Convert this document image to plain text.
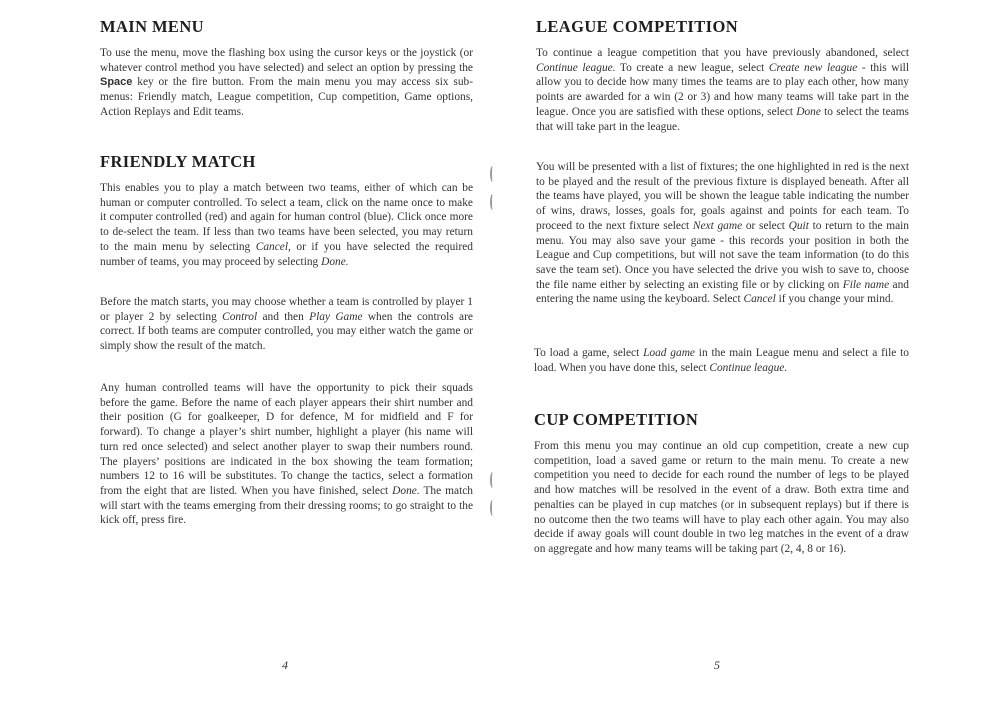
MAIN MENU

To use the menu, move the flashing box using the cursor keys or the joystick (or whatever control method you have selected) and select an option by pressing the Space key or the fire button. From the main menu you may access six sub-menus: Friendly match, League competition, Cup competition, Game options, Action Replays and Edit teams.

FRIENDLY MATCH

This enables you to play a match between two teams, either of which can be human or computer controlled. To select a team, click on the name once to make it computer controlled (red) and again for human control (blue). Click once more to de-select the team. If less than two teams have been selected, you may return to the main menu by selecting Cancel, or if you have selected the required number of teams, you may proceed by selecting Done.

Before the match starts, you may choose whether a team is controlled by player 1 or player 2 by selecting Control and then Play Game when the controls are correct. If both teams are computer controlled, you may either watch the game or simply show the result of the match.

Any human controlled teams will have the opportunity to pick their squads before the game. Before the name of each player appears their shirt number and their position (G for goalkeeper, D for defence, M for midfield and F for forward). To change a player’s shirt number, highlight a player (his name will turn red once selected) and select another player to swap their numbers round. The players’ positions are indicated in the box showing the team formation; numbers 12 to 16 will be substitutes. To change the tactics, select a formation from the eight that are listed. When you have finished, select Done. The match will start with the teams emerging from their dressing rooms; to go straight to the kick off, press fire.

4
LEAGUE COMPETITION

To continue a league competition that you have previously abandoned, select Continue league. To create a new league, select Create new league - this will allow you to decide how many times the teams are to play each other, how many points are awarded for a win (2 or 3) and how many teams will take part in the league. Once you are satisfied with these options, select Done to select the teams that will take part in the league.

You will be presented with a list of fixtures; the one highlighted in red is the next to be played and the result of the previous fixture is displayed beneath. After all the teams have played, you will be shown the league table indicating the number of wins, draws, losses, goals for, goals against and points for each team. To proceed to the next fixture select Next game or select Quit to return to the main menu. You may also save your game - this records your position in both the League and Cup competitions, but will not save the team information (to do this save the team set). Once you have selected the drive you wish to save to, choose the file name either by selecting an existing file or by clicking on File name and entering the name using the keyboard. Select Cancel if you change your mind.

To load a game, select Load game in the main League menu and select a file to load. When you have done this, select Continue league.

CUP COMPETITION

From this menu you may continue an old cup competition, create a new cup competition, load a saved game or return to the main menu. To create a new competition you need to decide for each round the number of legs to be played and how matches will be resolved in the event of a draw. Both extra time and penalties can be played in cup matches (or in subsequent replays) but if there is no outcome then the two teams will have to play each other again. You may also decide if away goals will count double in two leg matches in the event of a draw on aggregate and how many teams will be taking part (2, 4, 8 or 16).

5
